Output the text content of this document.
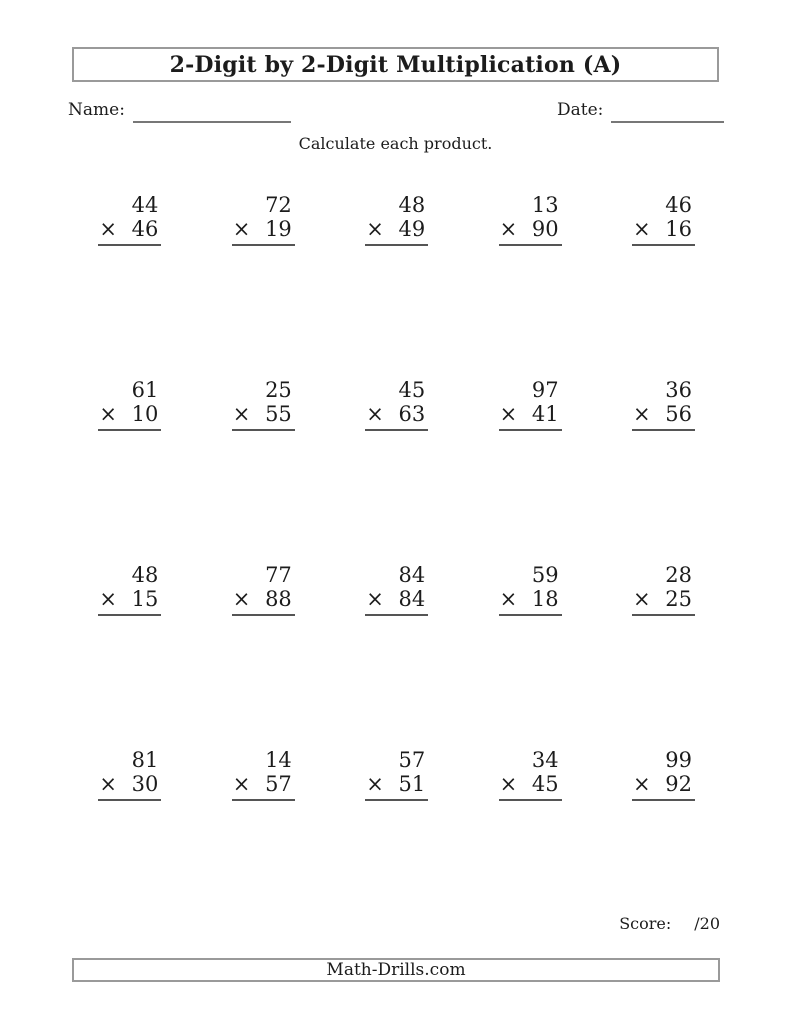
2-Digit by 2-Digit Multiplication (A)
Name:	Date:
Calculate each product.
44
× 46
72
× 19
48
× 49
13
× 90
46
× 16
61
× 10
25
× 55
45
× 63
97
× 41
36
× 56
48
× 15
77
× 88
84
× 84
59
× 18
28
× 25
81
× 30
14
× 57
57
× 51
34
× 45
99
× 92
Score: /20
Math-Drills.com
